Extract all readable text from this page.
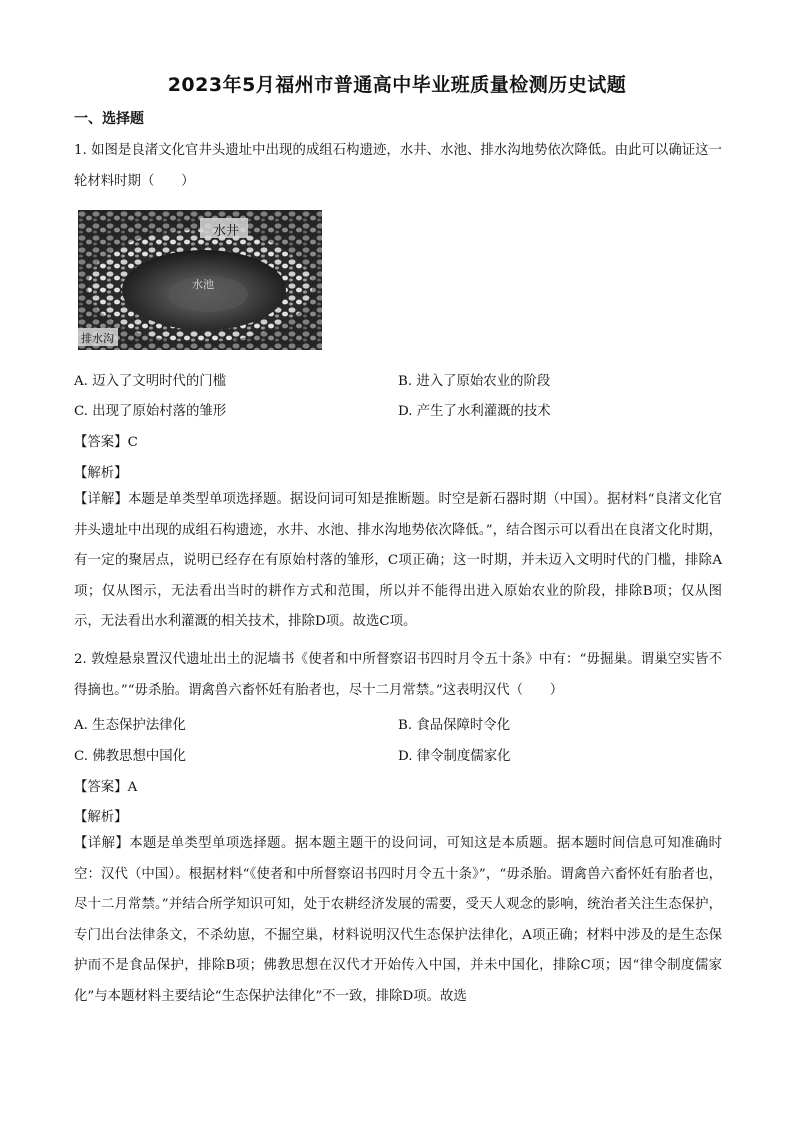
2023年5月福州市普通高中毕业班质量检测历史试题
一、选择题
1. 如图是良渚文化官井头遗址中出现的成组石构遗迹，水井、水池、排水沟地势依次降低。由此可以确证这一轮材料时期（　　）
水井
水池
排水沟
A. 迈入了文明时代的门槛	B. 进入了原始农业的阶段
C. 出现了原始村落的雏形	D. 产生了水利灌溉的技术
【答案】C
【解析】
【详解】本题是单类型单项选择题。据设问词可知是推断题。时空是新石器时期（中国）。据材料“良渚文化官井头遗址中出现的成组石构遗迹，水井、水池、排水沟地势依次降低。”，结合图示可以看出在良渚文化时期，有一定的聚居点，说明已经存在有原始村落的雏形，C项正确；这一时期，并未迈入文明时代的门槛，排除A项；仅从图示，无法看出当时的耕作方式和范围，所以并不能得出进入原始农业的阶段，排除B项；仅从图示，无法看出水利灌溉的相关技术，排除D项。故选C项。
2. 敦煌悬泉置汉代遗址出土的泥墙书《使者和中所督察诏书四时月令五十条》中有：“毋掘巢。谓巢空实皆不得摘也。”“毋杀胎。谓禽兽六畜怀妊有胎者也，尽十二月常禁。”这表明汉代（　　）
A. 生态保护法律化	B. 食品保障时令化
C. 佛教思想中国化	D. 律令制度儒家化
【答案】A
【解析】
【详解】本题是单类型单项选择题。据本题主题干的设问词，可知这是本质题。据本题时间信息可知准确时空：汉代（中国）。根据材料“《使者和中所督察诏书四时月令五十条》”，“毋杀胎。谓禽兽六畜怀妊有胎者也，尽十二月常禁。”并结合所学知识可知，处于农耕经济发展的需要，受天人观念的影响，统治者关注生态保护，专门出台法律条文，不杀幼崽，不掘空巢，材料说明汉代生态保护法律化，A项正确；材料中涉及的是生态保护而不是食品保护，排除B项；佛教思想在汉代才开始传入中国，并未中国化，排除C项；因“律令制度儒家化”与本题材料主要结论“生态保护法律化”不一致，排除D项。故选
